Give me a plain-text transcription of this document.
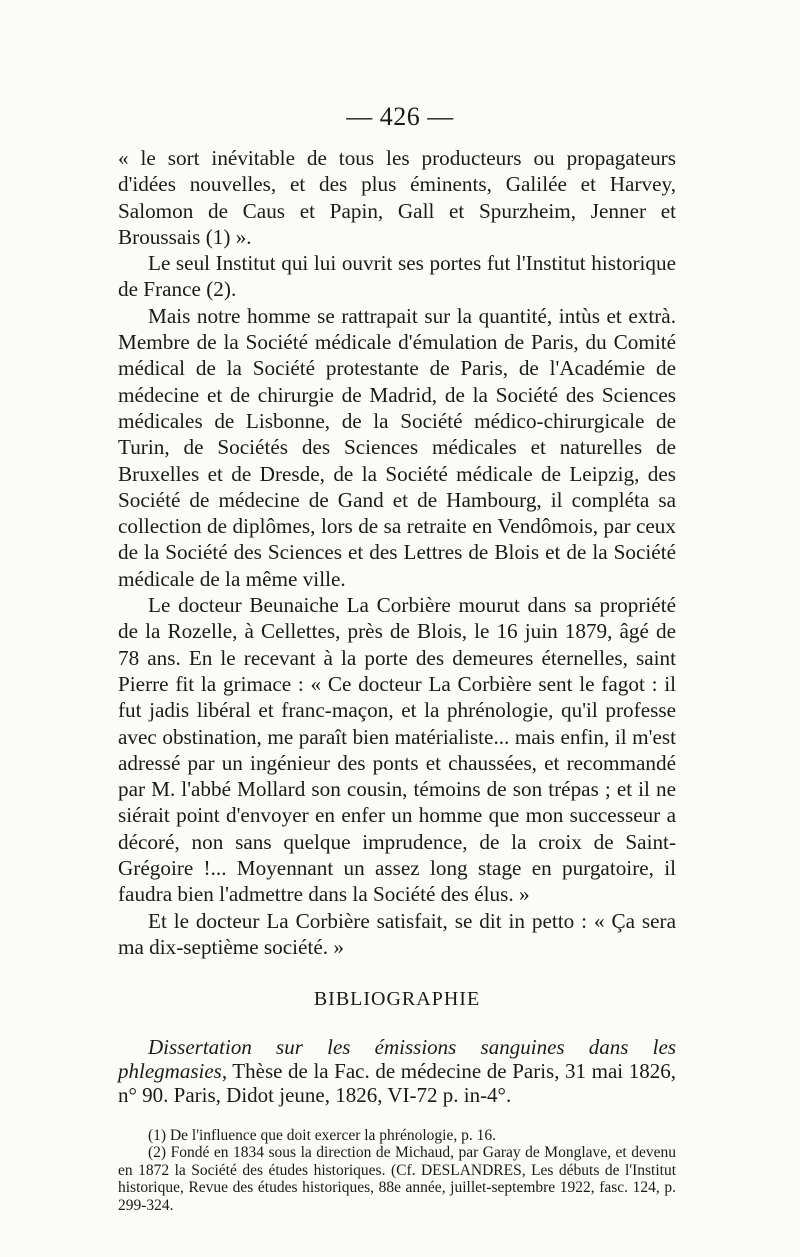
— 426 —

« le sort inévitable de tous les producteurs ou propagateurs d'idées nouvelles, et des plus éminents, Galilée et Harvey, Salomon de Caus et Papin, Gall et Spurzheim, Jenner et Broussais (1) ».

Le seul Institut qui lui ouvrit ses portes fut l'Institut historique de France (2).

Mais notre homme se rattrapait sur la quantité, intùs et extrà. Membre de la Société médicale d'émulation de Paris, du Comité médical de la Société protestante de Paris, de l'Académie de médecine et de chirurgie de Madrid, de la Société des Sciences médicales de Lisbonne, de la Société médico-chirurgicale de Turin, de Sociétés des Sciences médicales et naturelles de Bruxelles et de Dresde, de la Société médicale de Leipzig, des Société de médecine de Gand et de Hambourg, il compléta sa collection de diplômes, lors de sa retraite en Vendômois, par ceux de la Société des Sciences et des Lettres de Blois et de la Société médicale de la même ville.

Le docteur Beunaiche La Corbière mourut dans sa propriété de la Rozelle, à Cellettes, près de Blois, le 16 juin 1879, âgé de 78 ans. En le recevant à la porte des demeures éternelles, saint Pierre fit la grimace : « Ce docteur La Corbière sent le fagot : il fut jadis libéral et franc-maçon, et la phrénologie, qu'il professe avec obstination, me paraît bien matérialiste... mais enfin, il m'est adressé par un ingénieur des ponts et chaussées, et recommandé par M. l'abbé Mollard son cousin, témoins de son trépas ; et il ne siérait point d'envoyer en enfer un homme que mon successeur a décoré, non sans quelque imprudence, de la croix de Saint-Grégoire !... Moyennant un assez long stage en purgatoire, il faudra bien l'admettre dans la Société des élus. »

Et le docteur La Corbière satisfait, se dit in petto : « Ça sera ma dix-septième société. »

BIBLIOGRAPHIE

Dissertation sur les émissions sanguines dans les phlegmasies, Thèse de la Fac. de médecine de Paris, 31 mai 1826, n° 90. Paris, Didot jeune, 1826, VI-72 p. in-4°.

(1) De l'influence que doit exercer la phrénologie, p. 16.

(2) Fondé en 1834 sous la direction de Michaud, par Garay de Monglave, et devenu en 1872 la Société des études historiques. (Cf. DESLANDRES, Les débuts de l'Institut historique, Revue des études historiques, 88e année, juillet-septembre 1922, fasc. 124, p. 299-324.
